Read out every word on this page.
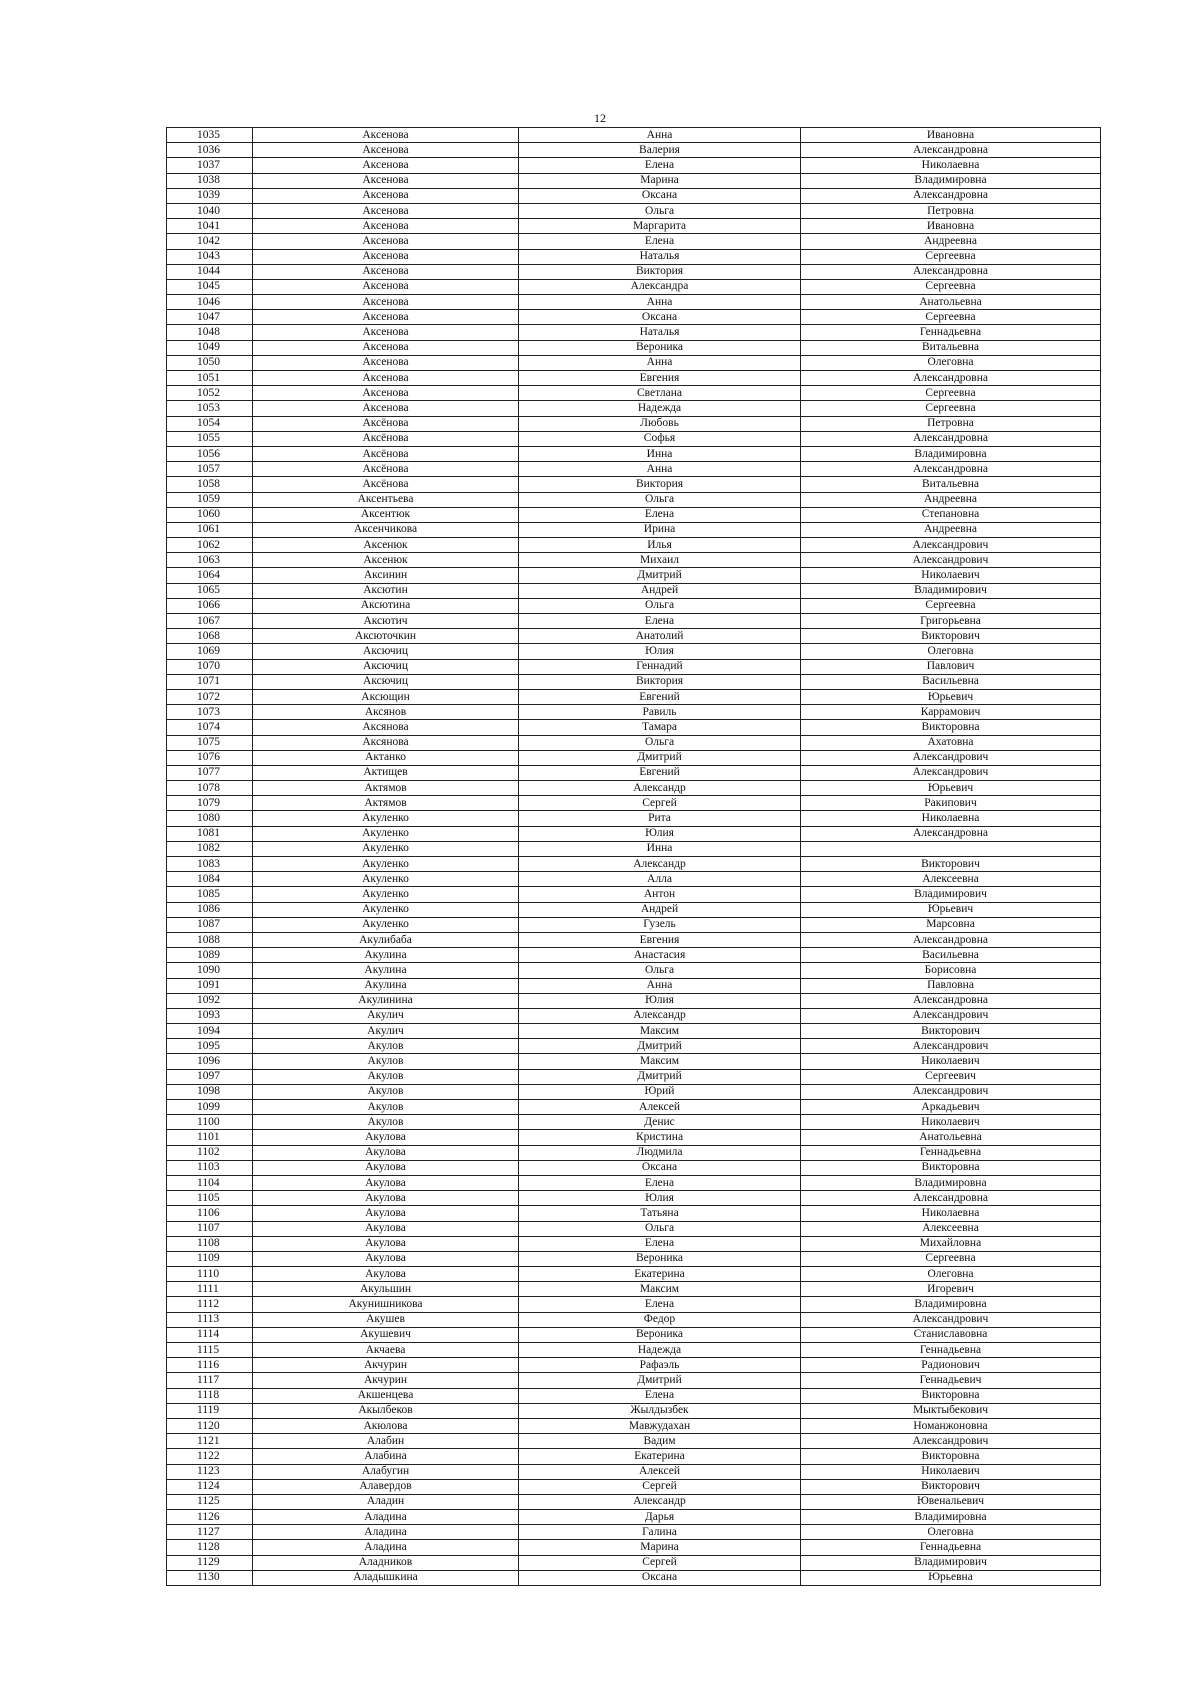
12
1035	Аксенова	Анна	Ивановна
1036	Аксенова	Валерия	Александровна
1037	Аксенова	Елена	Николаевна
1038	Аксенова	Марина	Владимировна
1039	Аксенова	Оксана	Александровна
1040	Аксенова	Ольга	Петровна
1041	Аксенова	Маргарита	Ивановна
1042	Аксенова	Елена	Андреевна
1043	Аксенова	Наталья	Сергеевна
1044	Аксенова	Виктория	Александровна
1045	Аксенова	Александра	Сергеевна
1046	Аксенова	Анна	Анатольевна
1047	Аксенова	Оксана	Сергеевна
1048	Аксенова	Наталья	Геннадьевна
1049	Аксенова	Вероника	Витальевна
1050	Аксенова	Анна	Олеговна
1051	Аксенова	Евгения	Александровна
1052	Аксенова	Светлана	Сергеевна
1053	Аксенова	Надежда	Сергеевна
1054	Аксёнова	Любовь	Петровна
1055	Аксёнова	Софья	Александровна
1056	Аксёнова	Инна	Владимировна
1057	Аксёнова	Анна	Александровна
1058	Аксёнова	Виктория	Витальевна
1059	Аксентьева	Ольга	Андреевна
1060	Аксентюк	Елена	Степановна
1061	Аксенчикова	Ирина	Андреевна
1062	Аксенюк	Илья	Александрович
1063	Аксенюк	Михаил	Александрович
1064	Аксинин	Дмитрий	Николаевич
1065	Аксютин	Андрей	Владимирович
1066	Аксютина	Ольга	Сергеевна
1067	Аксютич	Елена	Григорьевна
1068	Аксюточкин	Анатолий	Викторович
1069	Аксючиц	Юлия	Олеговна
1070	Аксючиц	Геннадий	Павлович
1071	Аксючиц	Виктория	Васильевна
1072	Аксющин	Евгений	Юрьевич
1073	Аксянов	Равиль	Каррамович
1074	Аксянова	Тамара	Викторовна
1075	Аксянова	Ольга	Ахатовна
1076	Актанко	Дмитрий	Александрович
1077	Актищев	Евгений	Александрович
1078	Актямов	Александр	Юрьевич
1079	Актямов	Сергей	Ракипович
1080	Акуленко	Рита	Николаевна
1081	Акуленко	Юлия	Александровна
1082	Акуленко	Инна	
1083	Акуленко	Александр	Викторович
1084	Акуленко	Алла	Алексеевна
1085	Акуленко	Антон	Владимирович
1086	Акуленко	Андрей	Юрьевич
1087	Акуленко	Гузель	Марсовна
1088	Акулибаба	Евгения	Александровна
1089	Акулина	Анастасия	Васильевна
1090	Акулина	Ольга	Борисовна
1091	Акулина	Анна	Павловна
1092	Акулинина	Юлия	Александровна
1093	Акулич	Александр	Александрович
1094	Акулич	Максим	Викторович
1095	Акулов	Дмитрий	Александрович
1096	Акулов	Максим	Николаевич
1097	Акулов	Дмитрий	Сергеевич
1098	Акулов	Юрий	Александрович
1099	Акулов	Алексей	Аркадьевич
1100	Акулов	Денис	Николаевич
1101	Акулова	Кристина	Анатольевна
1102	Акулова	Людмила	Геннадьевна
1103	Акулова	Оксана	Викторовна
1104	Акулова	Елена	Владимировна
1105	Акулова	Юлия	Александровна
1106	Акулова	Татьяна	Николаевна
1107	Акулова	Ольга	Алексеевна
1108	Акулова	Елена	Михайловна
1109	Акулова	Вероника	Сергеевна
1110	Акулова	Екатерина	Олеговна
1111	Акульшин	Максим	Игоревич
1112	Акунишникова	Елена	Владимировна
1113	Акушев	Федор	Александрович
1114	Акушевич	Вероника	Станиславовна
1115	Акчаева	Надежда	Геннадьевна
1116	Акчурин	Рафаэль	Радионович
1117	Акчурин	Дмитрий	Геннадьевич
1118	Акшенцева	Елена	Викторовна
1119	Акылбеков	Жылдызбек	Мыктыбекович
1120	Акюлова	Мавжудахан	Номанжоновна
1121	Алабин	Вадим	Александрович
1122	Алабина	Екатерина	Викторовна
1123	Алабугин	Алексей	Николаевич
1124	Алавердов	Сергей	Викторович
1125	Аладин	Александр	Ювенальевич
1126	Аладина	Дарья	Владимировна
1127	Аладина	Галина	Олеговна
1128	Аладина	Марина	Геннадьевна
1129	Аладников	Сергей	Владимирович
1130	Аладышкина	Оксана	Юрьевна
